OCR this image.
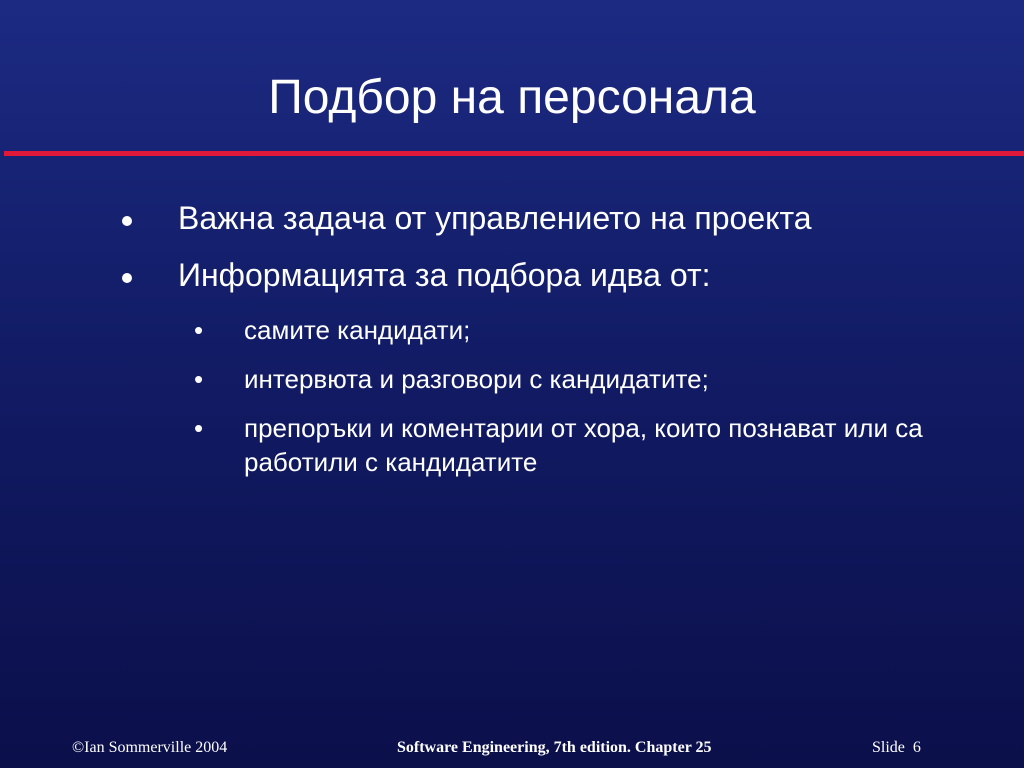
Подбор на персонала
Важна задача от управлението на проекта
Информацията за подбора идва от:
• самите кандидати;
• интервюта и разговори с кандидатите;
• препоръки и коментарии от хора, които познават или са работили с кандидатите
©Ian Sommerville 2004	Software Engineering, 7th edition. Chapter 25	Slide  6
